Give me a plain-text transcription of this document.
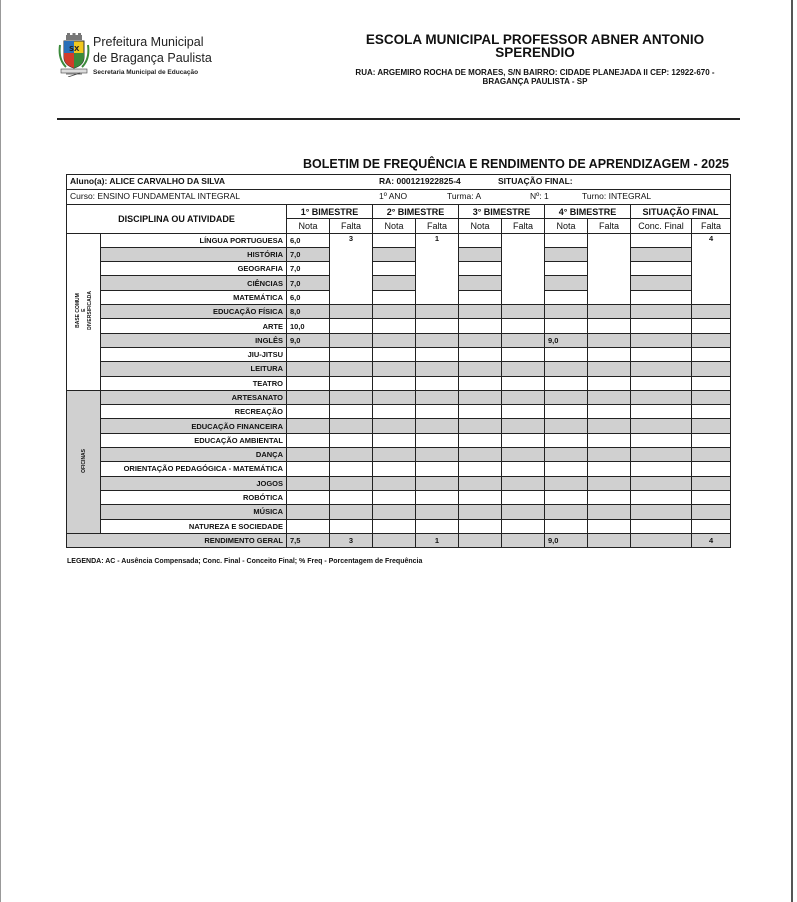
SX Prefeitura Municipal
de Bragança Paulista
Secretaria Municipal de Educação
ESCOLA MUNICIPAL PROFESSOR ABNER ANTONIO
SPERENDIO
RUA: ARGEMIRO ROCHA DE MORAES, S/N BAIRRO: CIDADE PLANEJADA II CEP: 12922-670 -
BRAGANÇA PAULISTA - SP
BOLETIM DE FREQUÊNCIA E RENDIMENTO DE APRENDIZAGEM - 2025
Aluno(a): ALICE CARVALHO DA SILVA RA: 000121922825-4 SITUAÇÃO FINAL:											

Curso: ENSINO FUNDAMENTAL INTEGRAL 1º ANO Turma: A Nº: 1 Turno: INTEGRAL											

DISCIPLINA OU ATIVIDADE		1° BIMESTRE		2° BIMESTRE		3° BIMESTRE		4° BIMESTRE		SITUAÇÃO FINAL	
		Nota	Falta	Nota	Falta	Nota	Falta	Nota	Falta	Conc. Final	Falta
BASE COMUM
E
DIVERSIFICADA	LÍNGUA PORTUGUESA	6,0	3		1						4
	HISTÓRIA	7,0									
	GEOGRAFIA	7,0									
	CIÊNCIAS	7,0									
	MATEMÁTICA	6,0									
	EDUCAÇÃO FÍSICA	8,0									
	ARTE	10,0									
	INGLÊS	9,0						9,0			
	JIU-JITSU										
	LEITURA										
	TEATRO										
OFICINAS	ARTESANATO										
	RECREAÇÃO										
	EDUCAÇÃO FINANCEIRA										
	EDUCAÇÃO AMBIENTAL										
	DANÇA										
	ORIENTAÇÃO PEDAGÓGICA - MATEMÁTICA										
	JOGOS										
	ROBÓTICA										
	MÚSICA										
	NATUREZA E SOCIEDADE										
RENDIMENTO GERAL		7,5	3		1			9,0			4
LEGENDA: AC - Ausência Compensada; Conc. Final - Conceito Final; % Freq - Porcentagem de Frequência
